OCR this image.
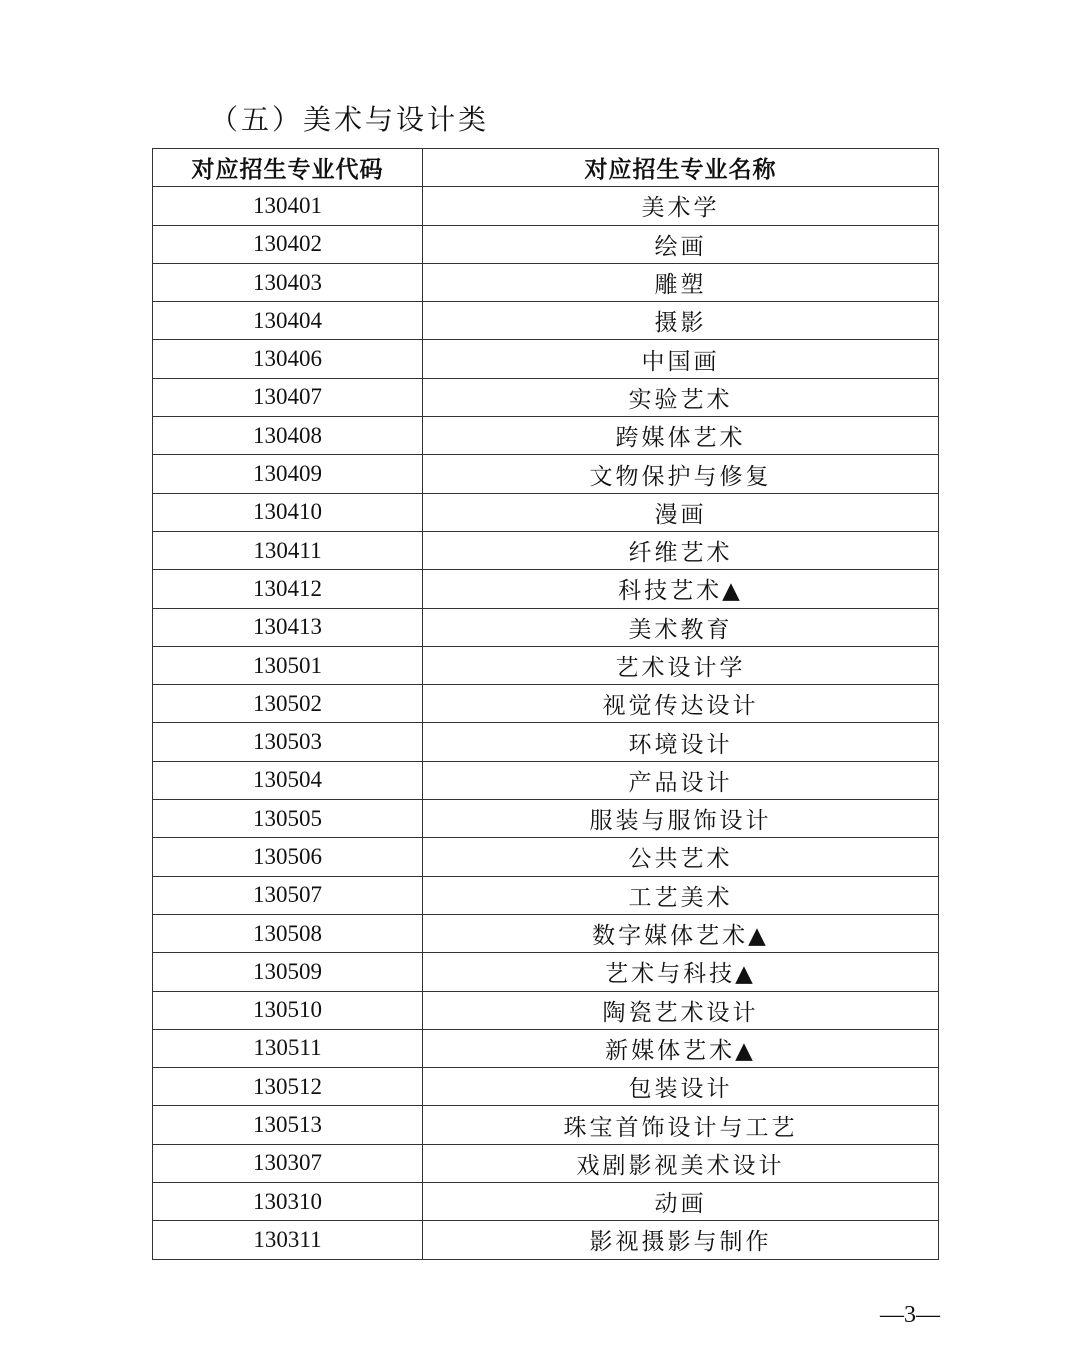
（五）美术与设计类
对应招生专业代码	对应招生专业名称
130401	美术学
130402	绘画
130403	雕塑
130404	摄影
130406	中国画
130407	实验艺术
130408	跨媒体艺术
130409	文物保护与修复
130410	漫画
130411	纤维艺术
130412	科技艺术▲
130413	美术教育
130501	艺术设计学
130502	视觉传达设计
130503	环境设计
130504	产品设计
130505	服装与服饰设计
130506	公共艺术
130507	工艺美术
130508	数字媒体艺术▲
130509	艺术与科技▲
130510	陶瓷艺术设计
130511	新媒体艺术▲
130512	包装设计
130513	珠宝首饰设计与工艺
130307	戏剧影视美术设计
130310	动画
130311	影视摄影与制作
—3—
